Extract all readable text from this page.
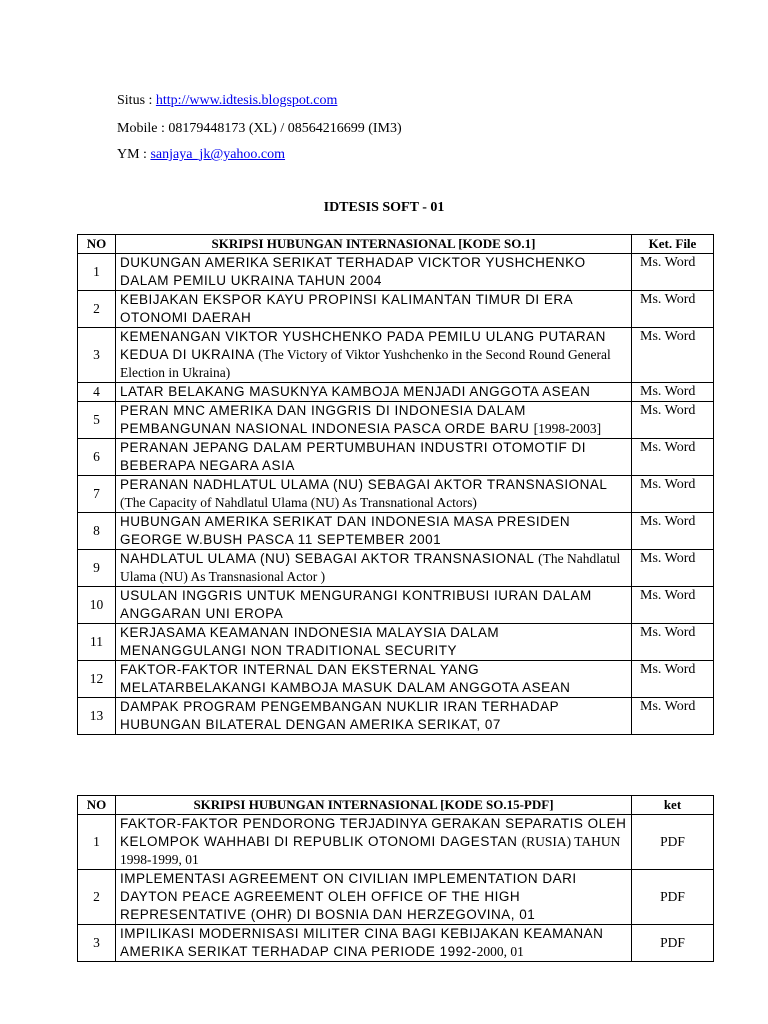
Situs : http://www.idtesis.blogspot.com
Mobile : 08179448173 (XL) / 08564216699 (IM3)
YM : sanjaya_jk@yahoo.com
IDTESIS SOFT - 01
NO	SKRIPSI HUBUNGAN INTERNASIONAL [KODE SO.1]	Ket. File
1	DUKUNGAN AMERIKA SERIKAT TERHADAP VICKTOR YUSHCHENKO DALAM PEMILU UKRAINA TAHUN 2004	Ms. Word
2	KEBIJAKAN EKSPOR KAYU PROPINSI KALIMANTAN TIMUR DI ERA OTONOMI DAERAH	Ms. Word
3	KEMENANGAN VIKTOR YUSHCHENKO PADA PEMILU ULANG PUTARAN KEDUA DI UKRAINA (The Victory of Viktor Yushchenko in the Second Round General Election in Ukraina)	Ms. Word
4	LATAR BELAKANG MASUKNYA KAMBOJA MENJADI ANGGOTA ASEAN	Ms. Word
5	PERAN MNC AMERIKA DAN INGGRIS DI INDONESIA DALAM PEMBANGUNAN NASIONAL INDONESIA PASCA ORDE BARU [1998-2003]	Ms. Word
6	PERANAN JEPANG DALAM PERTUMBUHAN INDUSTRI OTOMOTIF DI BEBERAPA NEGARA ASIA	Ms. Word
7	PERANAN NADHLATUL ULAMA (NU) SEBAGAI AKTOR TRANSNASIONAL (The Capacity of Nahdlatul Ulama (NU) As Transnational Actors)	Ms. Word
8	HUBUNGAN AMERIKA SERIKAT DAN INDONESIA MASA PRESIDEN GEORGE W.BUSH PASCA 11 SEPTEMBER 2001	Ms. Word
9	NAHDLATUL ULAMA (NU) SEBAGAI AKTOR TRANSNASIONAL (The Nahdlatul Ulama (NU) As Transnasional Actor )	Ms. Word
10	USULAN INGGRIS UNTUK MENGURANGI KONTRIBUSI IURAN DALAM ANGGARAN UNI EROPA	Ms. Word
11	KERJASAMA KEAMANAN INDONESIA MALAYSIA DALAM MENANGGULANGI NON TRADITIONAL SECURITY	Ms. Word
12	FAKTOR-FAKTOR INTERNAL DAN EKSTERNAL YANG MELATARBELAKANGI KAMBOJA MASUK DALAM ANGGOTA ASEAN	Ms. Word
13	DAMPAK PROGRAM PENGEMBANGAN NUKLIR IRAN TERHADAP HUBUNGAN BILATERAL DENGAN AMERIKA SERIKAT, 07	Ms. Word
NO	SKRIPSI HUBUNGAN INTERNASIONAL [KODE SO.15-PDF]	ket
1	FAKTOR-FAKTOR PENDORONG TERJADINYA GERAKAN SEPARATIS OLEH KELOMPOK WAHHABI DI REPUBLIK OTONOMI DAGESTAN (RUSIA) TAHUN 1998-1999, 01	PDF
2	IMPLEMENTASI AGREEMENT ON CIVILIAN IMPLEMENTATION DARI DAYTON PEACE AGREEMENT OLEH OFFICE OF THE HIGH REPRESENTATIVE (OHR) DI BOSNIA DAN HERZEGOVINA, 01	PDF
3	IMPILIKASI MODERNISASI MILITER CINA BAGI KEBIJAKAN KEAMANAN AMERIKA SERIKAT TERHADAP CINA PERIODE 1992-2000, 01	PDF
